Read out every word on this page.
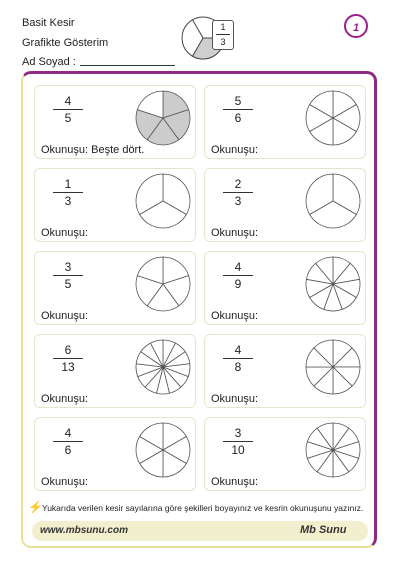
Basit Kesir
Grafikte Gösterim
Ad Soyad :
1
3
1
4
5
Okunuşu: Beşte dört.
5
6
Okunuşu:
1
3
Okunuşu:
2
3
Okunuşu:
3
5
Okunuşu:
4
9
Okunuşu:
6
13
Okunuşu:
4
8
Okunuşu:
4
6
Okunuşu:
3
10
Okunuşu:
⚡ Yukarıda verilen kesir sayılarına göre şekilleri boyayınız ve kesrin okunuşunu yazınız.
www.mbsunu.com	Mb Sunu
